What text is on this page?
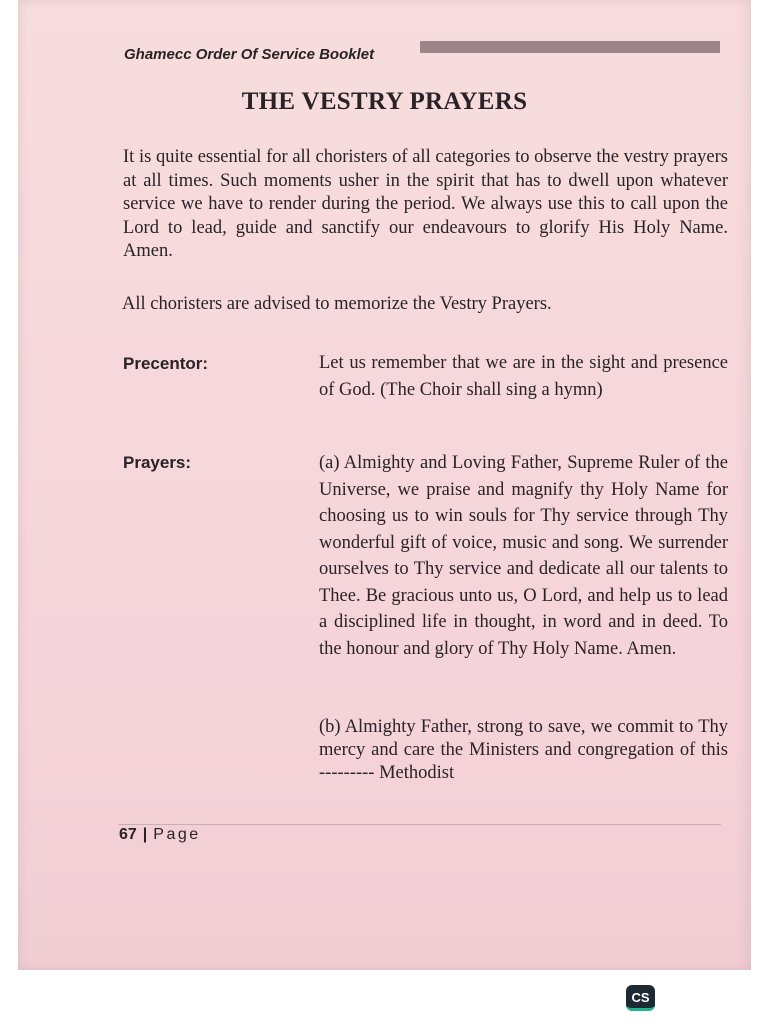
Ghamecc Order Of Service Booklet
THE VESTRY PRAYERS
It is quite essential for all choristers of all categories to observe the vestry prayers at all times. Such moments usher in the spirit that has to dwell upon whatever service we have to render during the period. We always use this to call upon the Lord to lead, guide and sanctify our endeavours to glorify His Holy Name. Amen.
All choristers are advised to memorize the Vestry Prayers.
Precentor:	Let us remember that we are in the sight and presence of God. (The Choir shall sing a hymn)
Prayers:	(a) Almighty and Loving Father, Supreme Ruler of the Universe, we praise and magnify thy Holy Name for choosing us to win souls for Thy service through Thy wonderful gift of voice, music and song. We surrender ourselves to Thy service and dedicate all our talents to Thee. Be gracious unto us, O Lord, and help us to lead a disciplined life in thought, in word and in deed. To the honour and glory of Thy Holy Name. Amen.
(b) Almighty Father, strong to save, we commit to Thy mercy and care the Ministers and congregation of this --------- Methodist
67 | Page
CS
